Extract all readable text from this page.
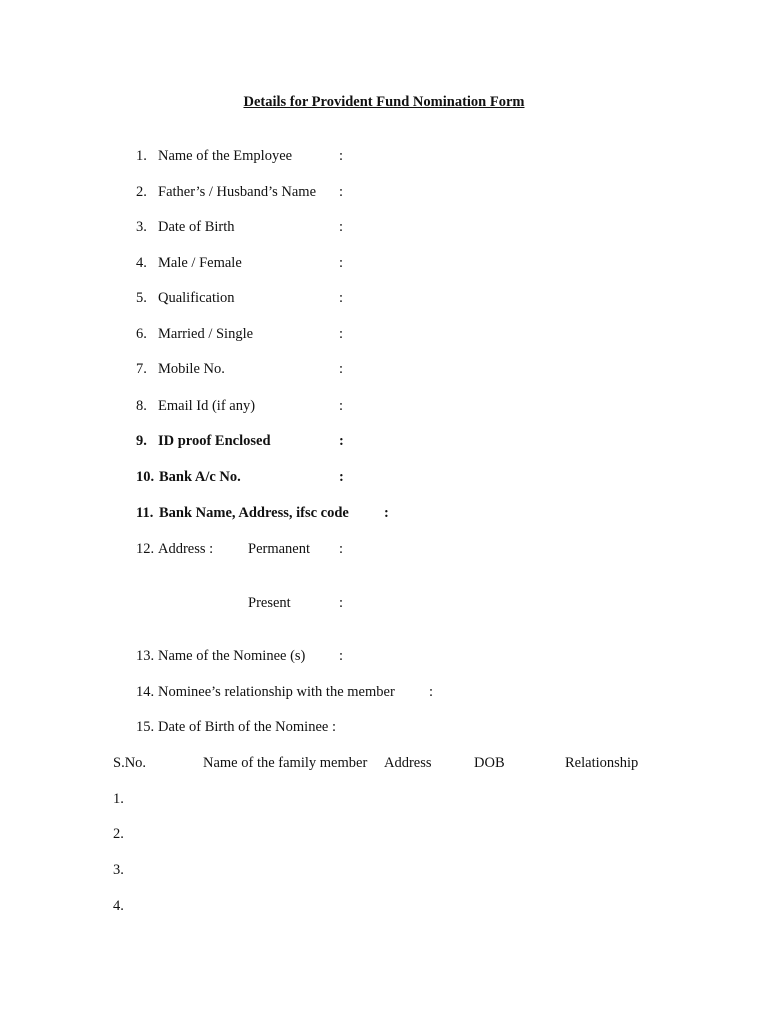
Details for Provident Fund Nomination Form
1. Name of the Employee	:
2. Father’s / Husband’s Name :
3. Date of Birth	:
4. Male / Female	:
5. Qualification	:
6. Married / Single	:
7. Mobile No.	:
8. Email Id (if any)	:
9. ID proof Enclosed	:
10. Bank A/c No.	:
11. Bank Name, Address, ifsc code :
12. Address : Permanent :
Present	:
13. Name of the Nominee (s) :
14. Nominee’s relationship with the member :
15. Date of Birth of the Nominee :
S.No.	Name of the family member Address	DOB	Relationship
1.
2.
3.
4.
